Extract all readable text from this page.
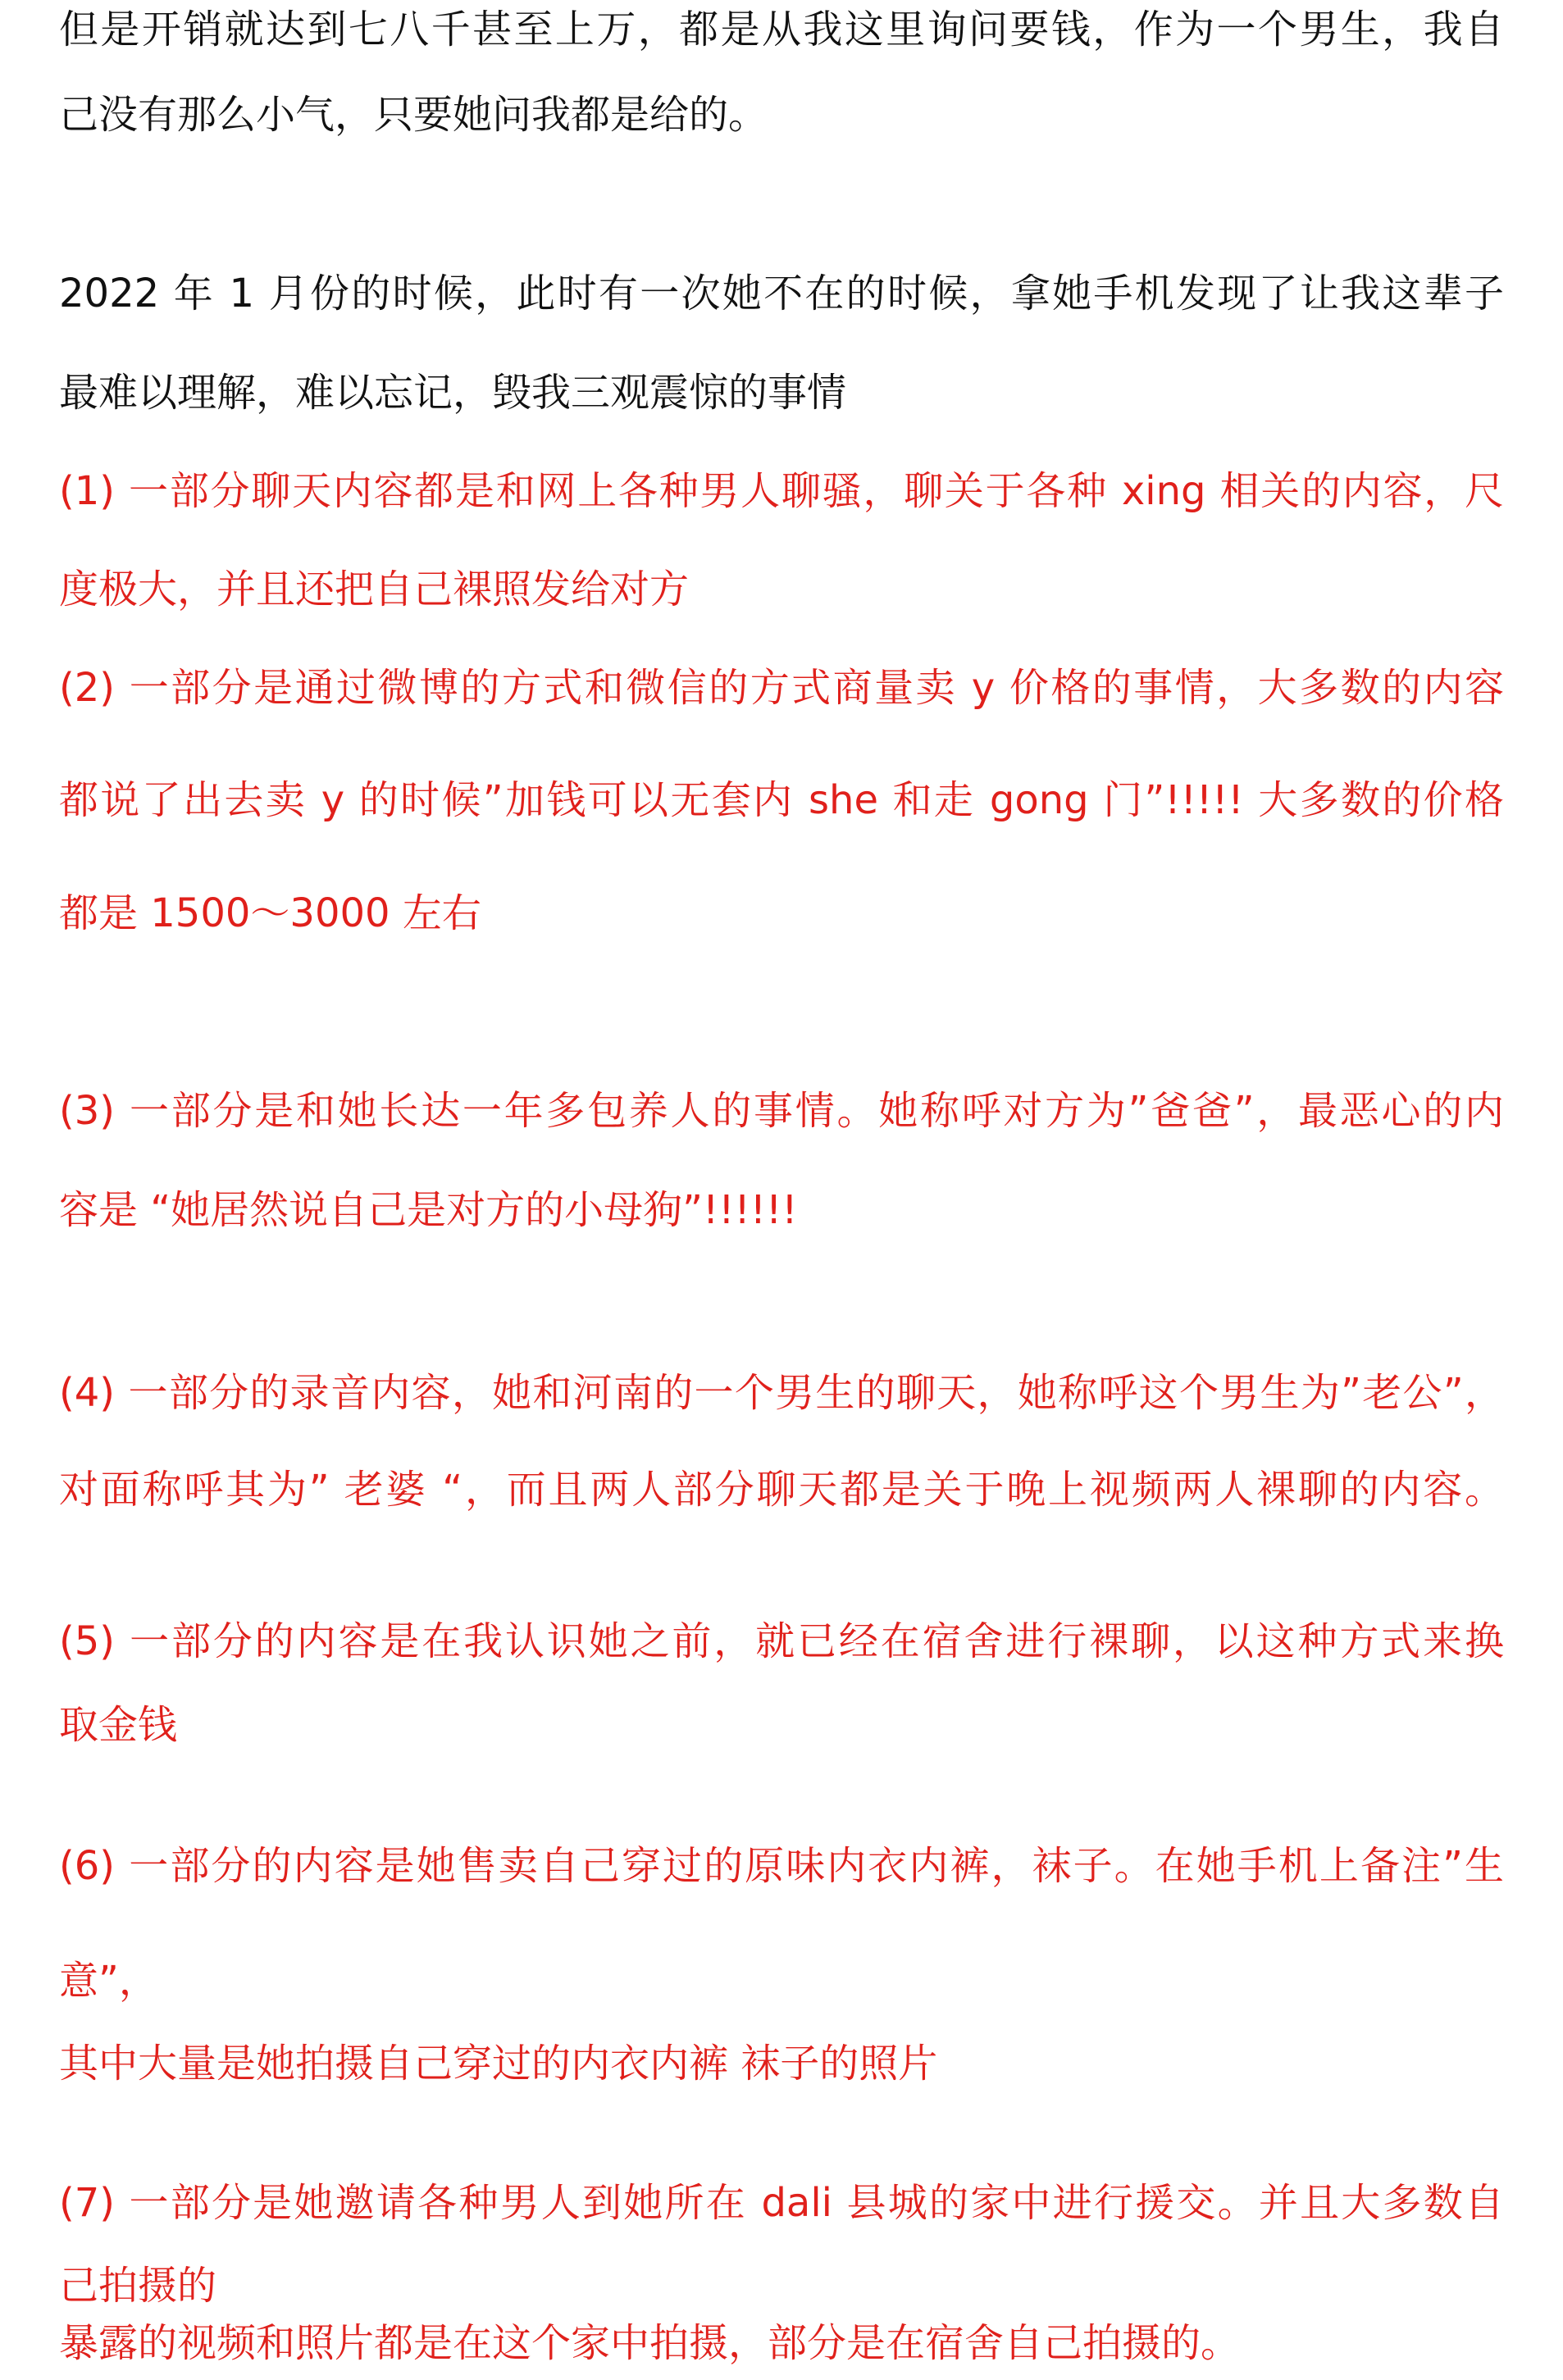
但是开销就达到七八千甚至上万，都是从我这里询问要钱，作为一个男生，我自
己没有那么小气，只要她问我都是给的。
2022 年 1 月份的时候，此时有一次她不在的时候，拿她手机发现了让我这辈子
最难以理解，难以忘记，毁我三观震惊的事情
(1) 一部分聊天内容都是和网上各种男人聊骚，聊关于各种 xing 相关的内容，尺
度极大，并且还把自己裸照发给对方
(2) 一部分是通过微博的方式和微信的方式商量卖 y 价格的事情，大多数的内容
都说了出去卖 y 的时候”加钱可以无套内 she 和走 gong 门”!!!!! 大多数的价格
都是 1500～3000 左右
(3) 一部分是和她长达一年多包养人的事情。她称呼对方为”爸爸”，最恶心的内
容是 “她居然说自己是对方的小母狗”!!!!!!
(4) 一部分的录音内容，她和河南的一个男生的聊天，她称呼这个男生为”老公”，
对面称呼其为” 老婆 “，而且两人部分聊天都是关于晚上视频两人裸聊的内容。
(5) 一部分的内容是在我认识她之前，就已经在宿舍进行裸聊，以这种方式来换
取金钱
(6) 一部分的内容是她售卖自己穿过的原味内衣内裤，袜子。在她手机上备注”生
意”，
其中大量是她拍摄自己穿过的内衣内裤 袜子的照片
(7) 一部分是她邀请各种男人到她所在 dali 县城的家中进行援交。并且大多数自
己拍摄的
暴露的视频和照片都是在这个家中拍摄，部分是在宿舍自己拍摄的。
